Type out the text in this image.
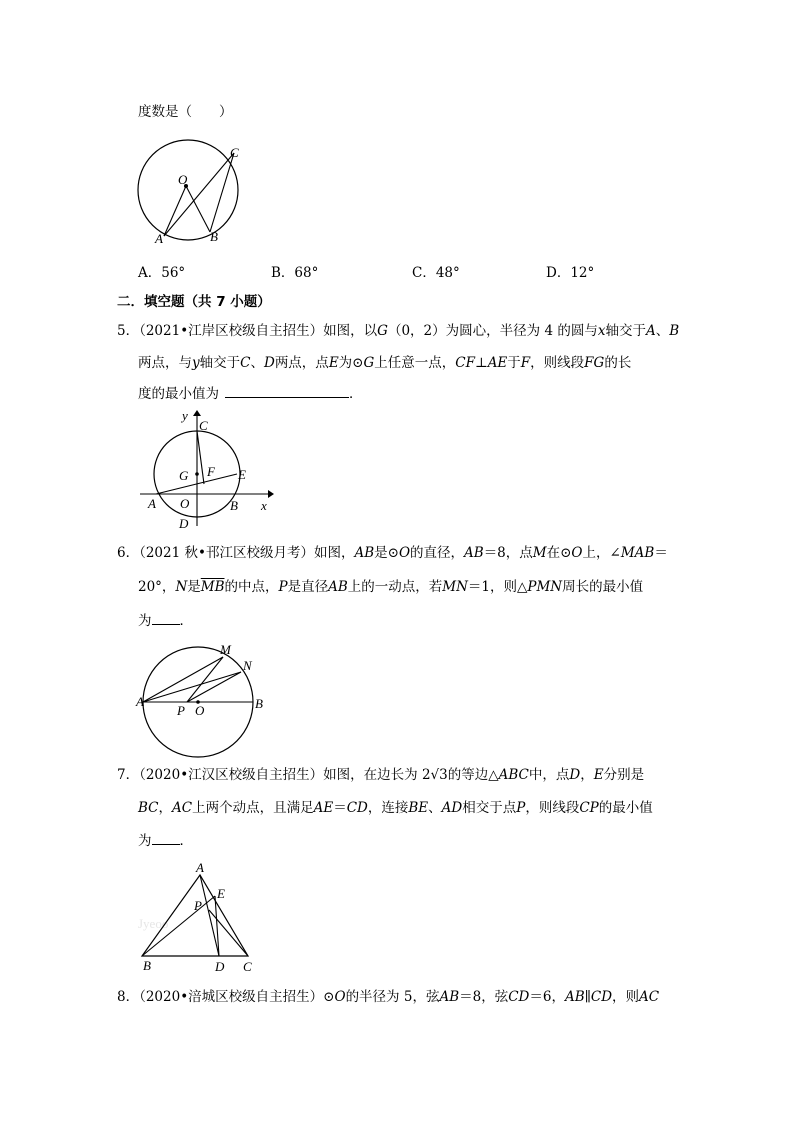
度数是（　　）
O
A	B
C
A．56°	B．68°	C．48°	D．12°
二．填空题（共 7 小题）
5．（2021•江岸区校级自主招生）如图，以G（0，2）为圆心，半径为 4 的圆与x轴交于A、B
两点，与y轴交于C、D两点，点E为⊙G上任意一点，CF⊥AE于F，则线段FG的长
度的最小值为	．
y
C
G F E
A O	B x
D
6．（2021 秋•邗江区校级月考）如图，AB是⊙O的直径，AB＝8，点M在⊙O上，∠MAB＝
20°，N是$\overline{MB}$的中点，P是直径AB上的一动点，若MN＝1，则△PMN周长的最小值
为 ．
M
N
A
P O	B
7．（2020•江汉区校级自主招生）如图，在边长为 2√3的等边△ABC中，点D，E分别是
BC，AC上两个动点，且满足AE＝CD，连接BE、AD相交于点P，则线段CP的最小值
为 ．
Jyeoo
A
E
P
B	D C
8．（2020•涪城区校级自主招生）⊙O的半径为 5，弦AB＝8，弦CD＝6，AB∥CD，则AC
